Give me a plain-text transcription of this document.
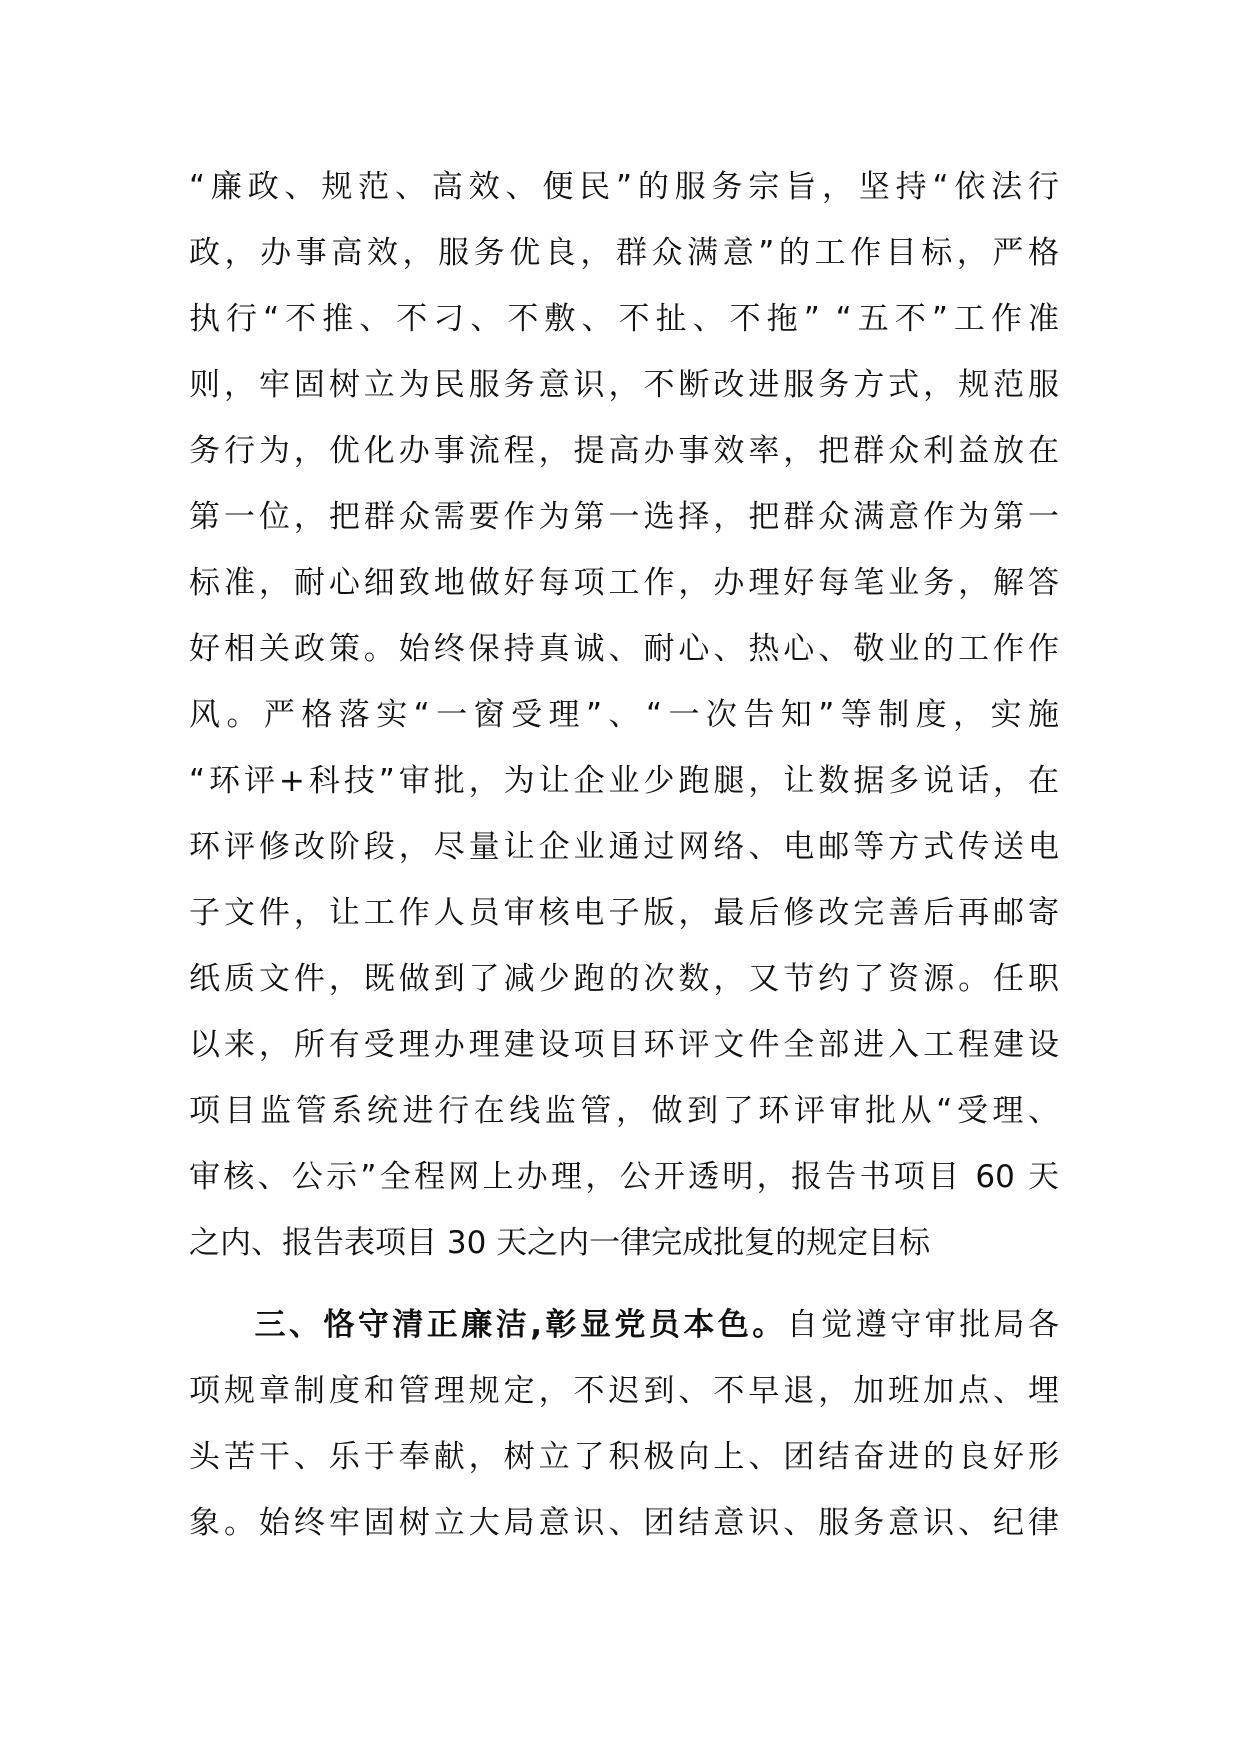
“廉政、规范、高效、便民”的服务宗旨，坚持“依法行
政，办事高效，服务优良，群众满意”的工作目标，严格
执行“不推、不刁、不敷、不扯、不拖” “五不”工作准
则，牢固树立为民服务意识，不断改进服务方式，规范服
务行为，优化办事流程，提高办事效率，把群众利益放在
第一位，把群众需要作为第一选择，把群众满意作为第一
标准，耐心细致地做好每项工作，办理好每笔业务，解答
好相关政策。始终保持真诚、耐心、热心、敬业的工作作
风。严格落实“一窗受理”、“一次告知”等制度，实施
“环评+科技”审批，为让企业少跑腿，让数据多说话，在
环评修改阶段，尽量让企业通过网络、电邮等方式传送电
子文件，让工作人员审核电子版，最后修改完善后再邮寄
纸质文件，既做到了减少跑的次数，又节约了资源。任职
以来，所有受理办理建设项目环评文件全部进入工程建设
项目监管系统进行在线监管，做到了环评审批从“受理、
审核、公示”全程网上办理，公开透明，报告书项目 60 天
之内、报告表项目 30 天之内一律完成批复的规定目标
三、恪守清正廉洁,彰显党员本色。自觉遵守审批局各
项规章制度和管理规定，不迟到、不早退，加班加点、埋
头苦干、乐于奉献，树立了积极向上、团结奋进的良好形
象。始终牢固树立大局意识、团结意识、服务意识、纪律
